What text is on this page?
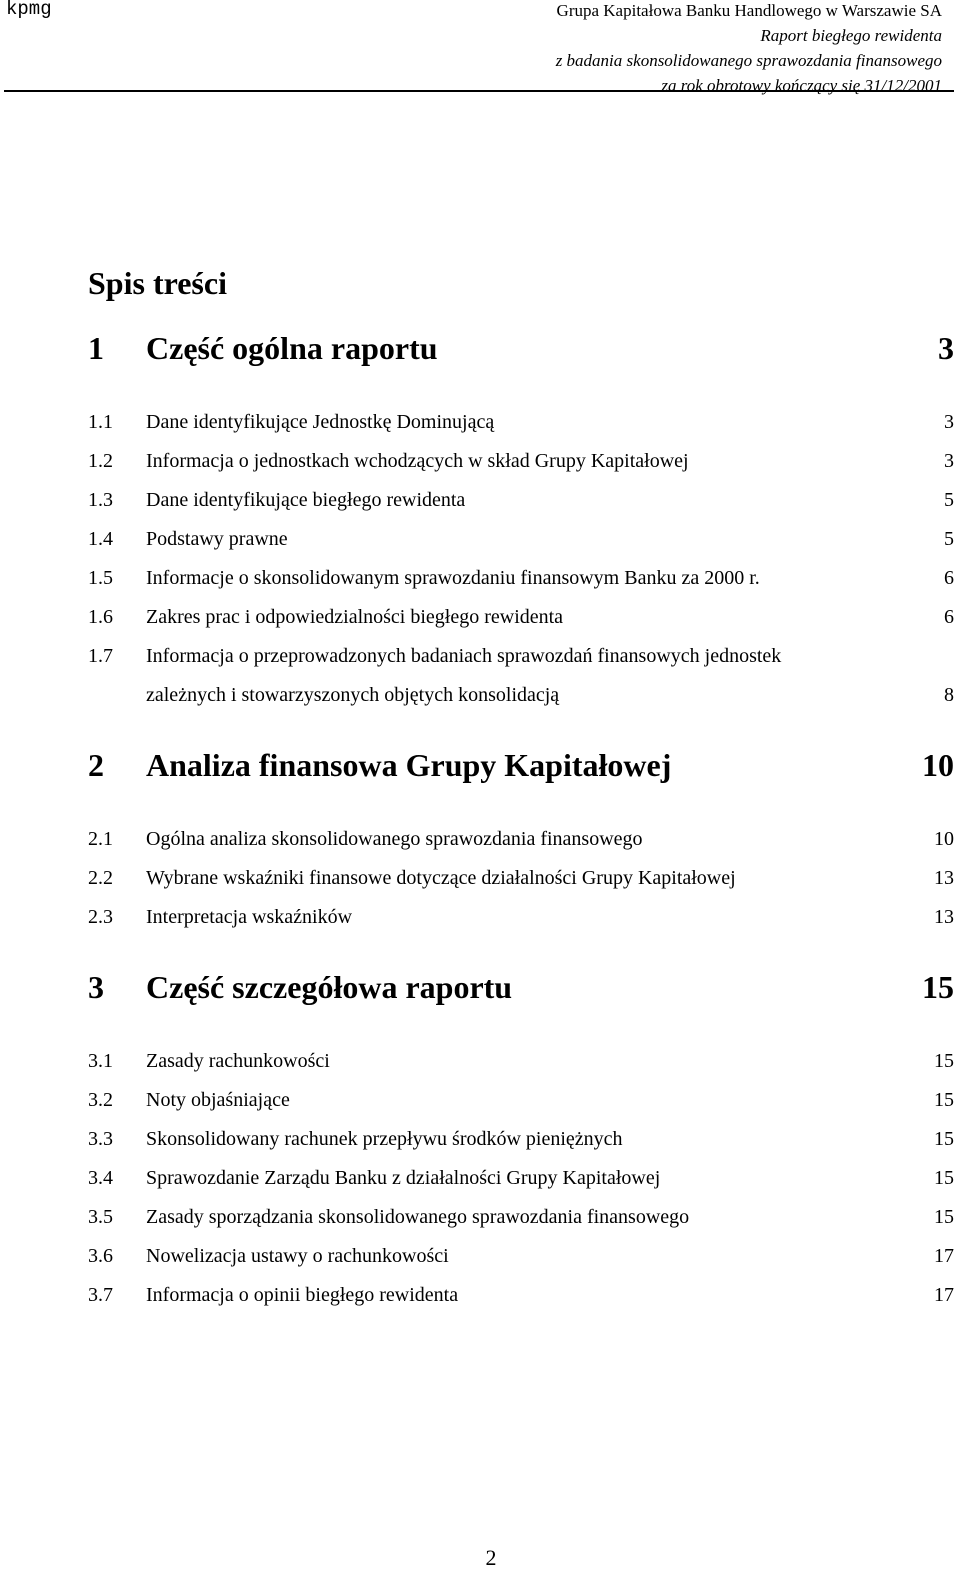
kpmg	Grupa Kapitałowa Banku Handlowego w Warszawie SA
Raport biegłego rewidenta
z badania skonsolidowanego sprawozdania finansowego
za rok obrotowy kończący się 31/12/2001
Spis treści
1 Część ogólna raportu	3
1.1 Dane identyfikujące Jednostkę Dominującą	3
1.2 Informacja o jednostkach wchodzących w skład Grupy Kapitałowej	3
1.3 Dane identyfikujące biegłego rewidenta	5
1.4 Podstawy prawne	5
1.5 Informacje o skonsolidowanym sprawozdaniu finansowym Banku za 2000 r.	6
1.6 Zakres prac i odpowiedzialności biegłego rewidenta	6
1.7 Informacja o przeprowadzonych badaniach sprawozdań finansowych jednostek
zależnych i stowarzyszonych objętych konsolidacją	8
2 Analiza finansowa Grupy Kapitałowej	10
2.1 Ogólna analiza skonsolidowanego sprawozdania finansowego	10
2.2 Wybrane wskaźniki finansowe dotyczące działalności Grupy Kapitałowej	13
2.3 Interpretacja wskaźników	13
3 Część szczegółowa raportu	15
3.1 Zasady rachunkowości	15
3.2 Noty objaśniające	15
3.3 Skonsolidowany rachunek przepływu środków pieniężnych	15
3.4 Sprawozdanie Zarządu Banku z działalności Grupy Kapitałowej	15
3.5 Zasady sporządzania skonsolidowanego sprawozdania finansowego	15
3.6 Nowelizacja ustawy o rachunkowości	17
3.7 Informacja o opinii biegłego rewidenta	17
2
